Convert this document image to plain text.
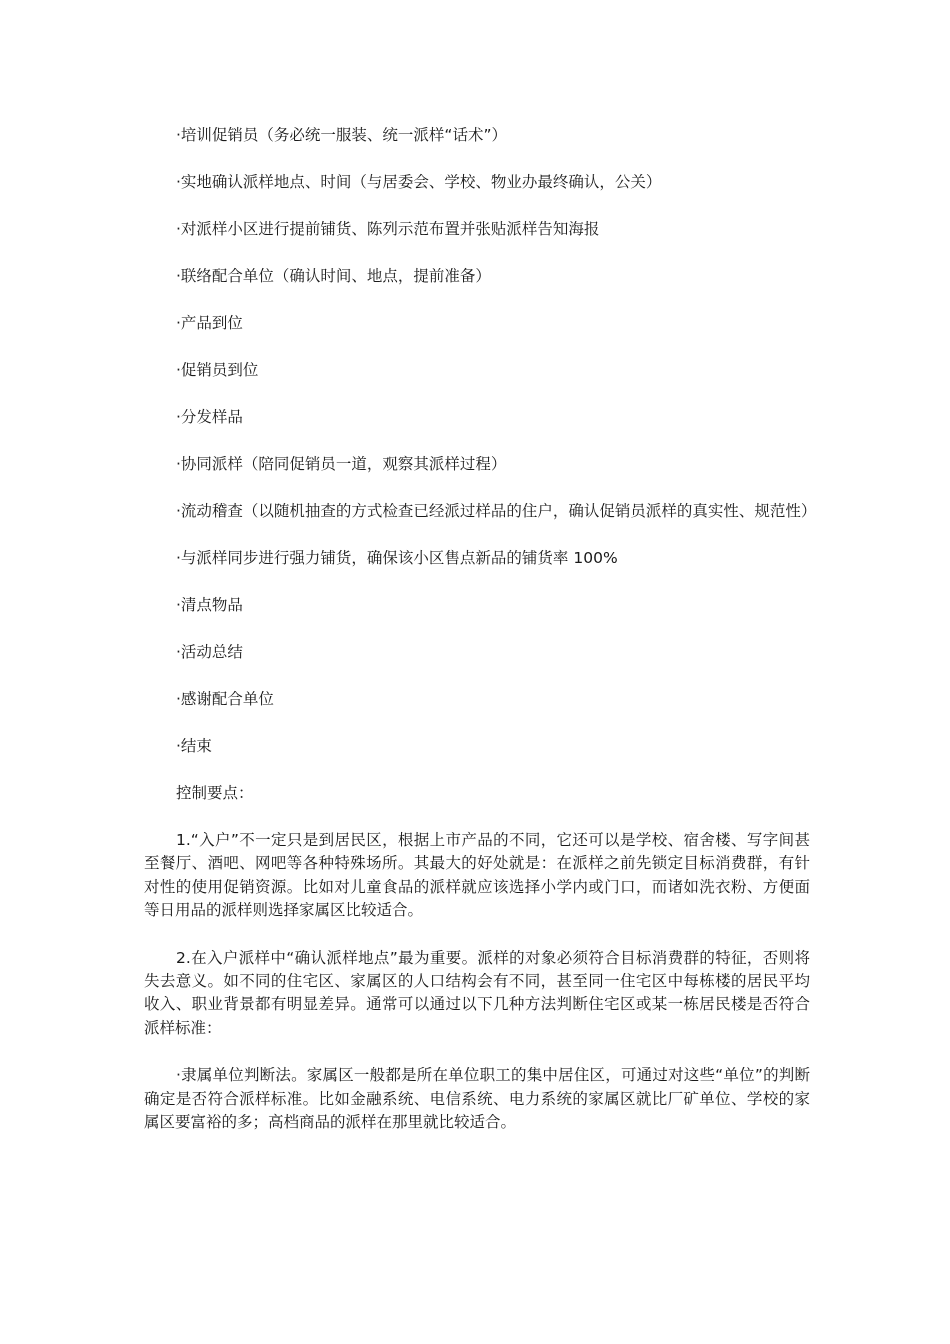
·培训促销员（务必统一服装、统一派样“话术”）

·实地确认派样地点、时间（与居委会、学校、物业办最终确认，公关）

·对派样小区进行提前铺货、陈列示范布置并张贴派样告知海报

·联络配合单位（确认时间、地点，提前准备）

·产品到位

·促销员到位

·分发样品

·协同派样（陪同促销员一道，观察其派样过程）

·流动稽查（以随机抽查的方式检查已经派过样品的住户，确认促销员派样的真实性、规范性）

·与派样同步进行强力铺货，确保该小区售点新品的铺货率 100%

·清点物品

·活动总结

·感谢配合单位

·结束

控制要点：

1.“入户”不一定只是到居民区，根据上市产品的不同，它还可以是学校、宿舍楼、写字间甚至餐厅、酒吧、网吧等各种特殊场所。其最大的好处就是：在派样之前先锁定目标消费群，有针对性的使用促销资源。比如对儿童食品的派样就应该选择小学内或门口，而诸如洗衣粉、方便面等日用品的派样则选择家属区比较适合。

2.在入户派样中“确认派样地点”最为重要。派样的对象必须符合目标消费群的特征，否则将失去意义。如不同的住宅区、家属区的人口结构会有不同，甚至同一住宅区中每栋楼的居民平均收入、职业背景都有明显差异。通常可以通过以下几种方法判断住宅区或某一栋居民楼是否符合派样标准：

·隶属单位判断法。家属区一般都是所在单位职工的集中居住区，可通过对这些“单位”的判断确定是否符合派样标准。比如金融系统、电信系统、电力系统的家属区就比厂矿单位、学校的家属区要富裕的多；高档商品的派样在那里就比较适合。
